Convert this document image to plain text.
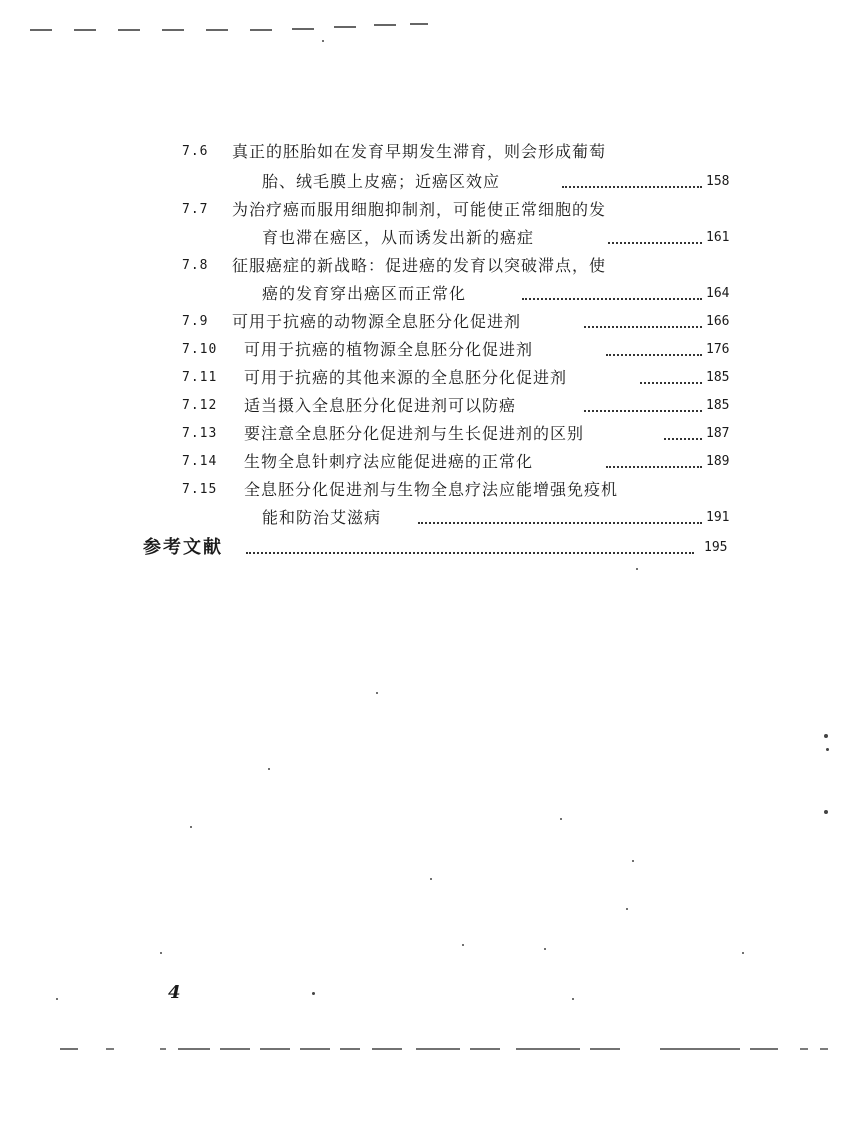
7.6 真正的胚胎如在发育早期发生滞育，则会形成葡萄
胎、绒毛膜上皮癌；近癌区效应	158
7.7 为治疗癌而服用细胞抑制剂，可能使正常细胞的发
育也滞在癌区，从而诱发出新的癌症	161
7.8 征服癌症的新战略：促进癌的发育以突破滞点，使
癌的发育穿出癌区而正常化	164
7.9 可用于抗癌的动物源全息胚分化促进剂	166
7.10 可用于抗癌的植物源全息胚分化促进剂	176
7.11 可用于抗癌的其他来源的全息胚分化促进剂	185
7.12 适当摄入全息胚分化促进剂可以防癌	185
7.13 要注意全息胚分化促进剂与生长促进剂的区别	187
7.14 生物全息针刺疗法应能促进癌的正常化	189
7.15 全息胚分化促进剂与生物全息疗法应能增强免疫机
能和防治艾滋病	191
参考文献	195
4
